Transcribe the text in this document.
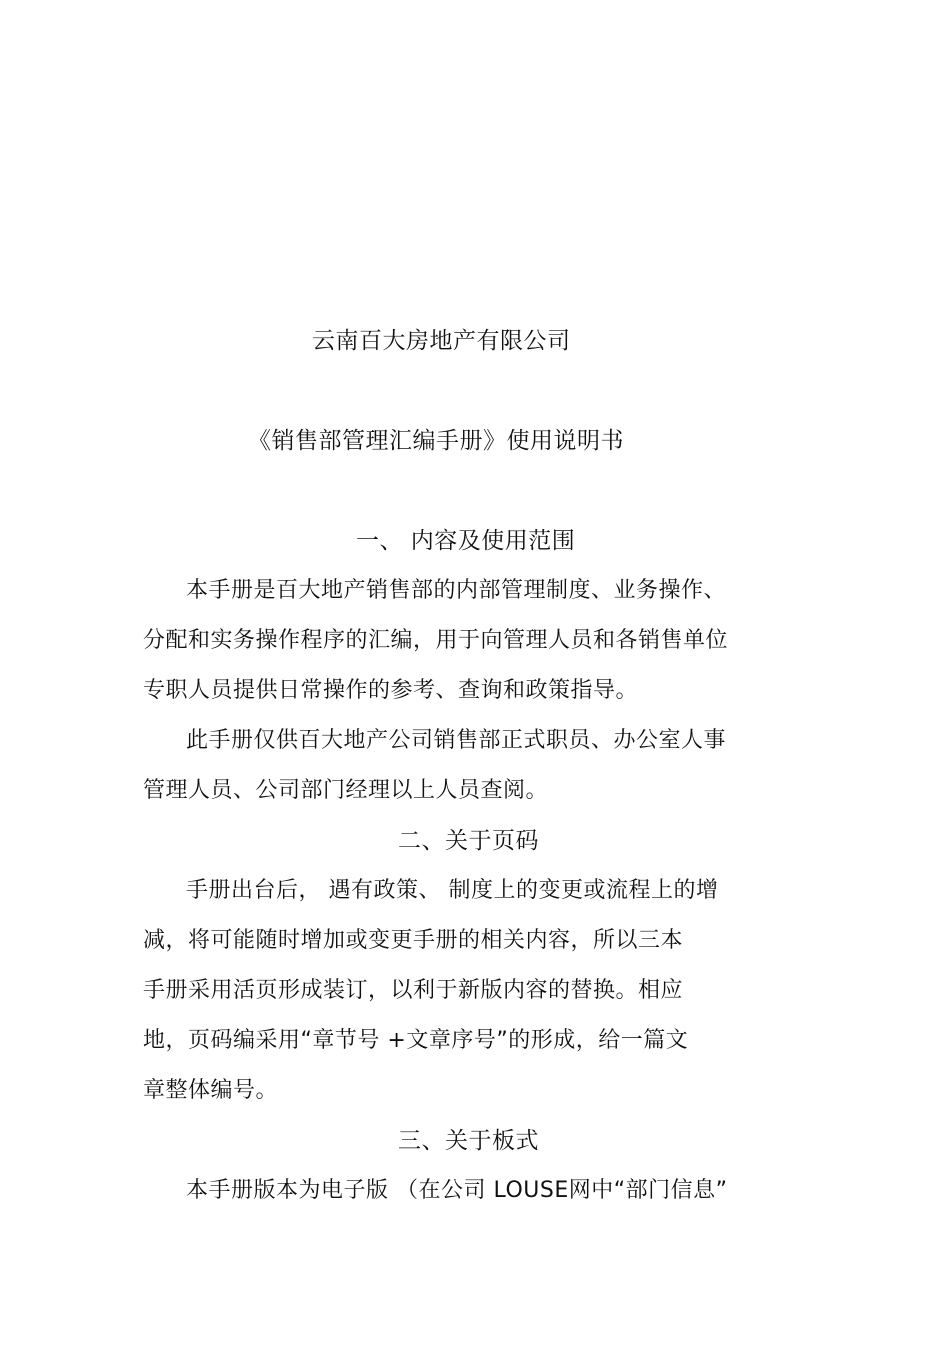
云南百大房地产有限公司
《销售部管理汇编手册》使用说明书
一、 内容及使用范围
本手册是百大地产销售部的内部管理制度、业务操作、
分配和实务操作程序的汇编，用于向管理人员和各销售单位
专职人员提供日常操作的参考、查询和政策指导。
此手册仅供百大地产公司销售部正式职员、办公室人事
管理人员、公司部门经理以上人员查阅。
二、关于页码
手册出台后， 遇有政策、 制度上的变更或流程上的增
减，将可能随时增加或变更手册的相关内容，所以三本
手册采用活页形成装订，以利于新版内容的替换。相应
地，页码编采用“章节号 +文章序号”的形成，给一篇文
章整体编号。
三、关于板式
本手册版本为电子版 （在公司 LOUSE网中“部门信息”
